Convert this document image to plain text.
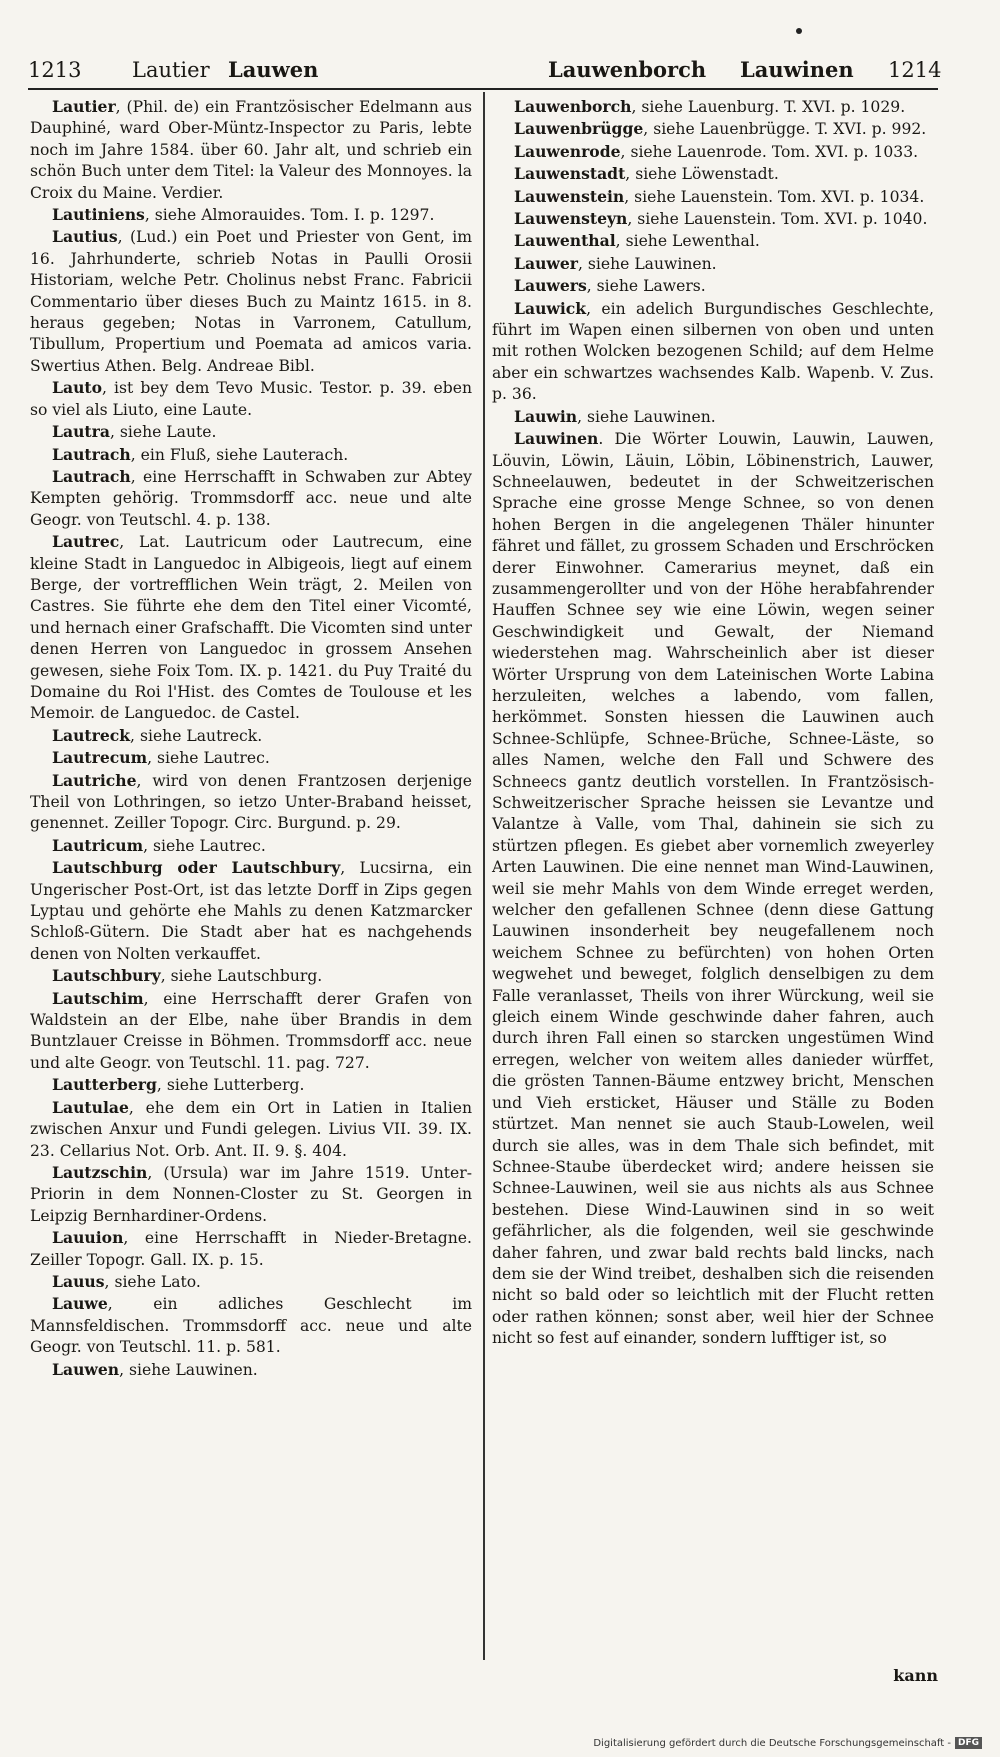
1213 Lautier Lauwen	Lauwenborch Lauwinen 1214

Lautier, (Phil. de) ein Frantzösischer Edelmann aus Dauphiné, ward Ober-Müntz-Inspector zu Paris, lebte noch im Jahre 1584. über 60. Jahr alt, und schrieb ein schön Buch unter dem Titel: la Valeur des Monnoyes. la Croix du Maine. Verdier.

Lautiniens, siehe Almorauides. Tom. I. p. 1297.

Lautius, (Lud.) ein Poet und Priester von Gent, im 16. Jahrhunderte, schrieb Notas in Paulli Orosii Historiam, welche Petr. Cholinus nebst Franc. Fabricii Commentario über dieses Buch zu Maintz 1615. in 8. heraus gegeben; Notas in Varronem, Catullum, Tibullum, Propertium und Poemata ad amicos varia. Swertius Athen. Belg. Andreae Bibl.

Lauto, ist bey dem Tevo Music. Testor. p. 39. eben so viel als Liuto, eine Laute.

Lautra, siehe Laute.

Lautrach, ein Fluß, siehe Lauterach.

Lautrach, eine Herrschafft in Schwaben zur Abtey Kempten gehörig. Trommsdorff acc. neue und alte Geogr. von Teutschl. 4. p. 138.

Lautrec, Lat. Lautricum oder Lautrecum, eine kleine Stadt in Languedoc in Albigeois, liegt auf einem Berge, der vortrefflichen Wein trägt, 2. Meilen von Castres. Sie führte ehe dem den Titel einer Vicomté, und hernach einer Grafschafft. Die Vicomten sind unter denen Herren von Languedoc in grossem Ansehen gewesen, siehe Foix Tom. IX. p. 1421. du Puy Traité du Domaine du Roi l'Hist. des Comtes de Toulouse et les Memoir. de Languedoc. de Castel.

Lautreck, siehe Lautreck.

Lautrecum, siehe Lautrec.

Lautriche, wird von denen Frantzosen derjenige Theil von Lothringen, so ietzo Unter-Braband heisset, genennet. Zeiller Topogr. Circ. Burgund. p. 29.

Lautricum, siehe Lautrec.

Lautschburg oder Lautschbury, Lucsirna, ein Ungerischer Post-Ort, ist das letzte Dorff in Zips gegen Lyptau und gehörte ehe Mahls zu denen Katzmarcker Schloß-Gütern. Die Stadt aber hat es nachgehends denen von Nolten verkauffet.

Lautschbury, siehe Lautschburg.

Lautschim, eine Herrschafft derer Grafen von Waldstein an der Elbe, nahe über Brandis in dem Buntzlauer Creisse in Böhmen. Trommsdorff acc. neue und alte Geogr. von Teutschl. 11. pag. 727.

Lautterberg, siehe Lutterberg.

Lautulae, ehe dem ein Ort in Latien in Italien zwischen Anxur und Fundi gelegen. Livius VII. 39. IX. 23. Cellarius Not. Orb. Ant. II. 9. §. 404.

Lautzschin, (Ursula) war im Jahre 1519. Unter-Priorin in dem Nonnen-Closter zu St. Georgen in Leipzig Bernhardiner-Ordens.

Lauuion, eine Herrschafft in Nieder-Bretagne. Zeiller Topogr. Gall. IX. p. 15.

Lauus, siehe Lato.

Lauwe, ein adliches Geschlecht im Mannsfeldischen. Trommsdorff acc. neue und alte Geogr. von Teutschl. 11. p. 581.

Lauwen, siehe Lauwinen.

Lauwenborch, siehe Lauenburg. T. XVI. p. 1029.

Lauwenbrügge, siehe Lauenbrügge. T. XVI. p. 992.

Lauwenrode, siehe Lauenrode. Tom. XVI. p. 1033.

Lauwenstadt, siehe Löwenstadt.

Lauwenstein, siehe Lauenstein. Tom. XVI. p. 1034.

Lauwensteyn, siehe Lauenstein. Tom. XVI. p. 1040.

Lauwenthal, siehe Lewenthal.

Lauwer, siehe Lauwinen.

Lauwers, siehe Lawers.

Lauwick, ein adelich Burgundisches Geschlechte, führt im Wapen einen silbernen von oben und unten mit rothen Wolcken bezogenen Schild; auf dem Helme aber ein schwartzes wachsendes Kalb. Wapenb. V. Zus. p. 36.

Lauwin, siehe Lauwinen.

Lauwinen. Die Wörter Louwin, Lauwin, Lauwen, Löuvin, Löwin, Läuin, Löbin, Löbinenstrich, Lauwer, Schneelauwen, bedeutet in der Schweitzerischen Sprache eine grosse Menge Schnee, so von denen hohen Bergen in die angelegenen Thäler hinunter fähret und fället, zu grossem Schaden und Erschröcken derer Einwohner. Camerarius meynet, daß ein zusammengerollter und von der Höhe herabfahrender Hauffen Schnee sey wie eine Löwin, wegen seiner Geschwindigkeit und Gewalt, der Niemand wiederstehen mag. Wahrscheinlich aber ist dieser Wörter Ursprung von dem Lateinischen Worte Labina herzuleiten, welches a labendo, vom fallen, herkömmet. Sonsten hiessen die Lauwinen auch Schnee-Schlüpfe, Schnee-Brüche, Schnee-Läste, so alles Namen, welche den Fall und Schwere des Schneecs gantz deutlich vorstellen. In Frantzösisch-Schweitzerischer Sprache heissen sie Levantze und Valantze à Valle, vom Thal, dahinein sie sich zu stürtzen pflegen. Es giebet aber vornemlich zweyerley Arten Lauwinen. Die eine nennet man Wind-Lauwinen, weil sie mehr Mahls von dem Winde erreget werden, welcher den gefallenen Schnee (denn diese Gattung Lauwinen insonderheit bey neugefallenem noch weichem Schnee zu befürchten) von hohen Orten wegwehet und beweget, folglich denselbigen zu dem Falle veranlasset, Theils von ihrer Würckung, weil sie gleich einem Winde geschwinde daher fahren, auch durch ihren Fall einen so starcken ungestümen Wind erregen, welcher von weitem alles danieder würffet, die grösten Tannen-Bäume entzwey bricht, Menschen und Vieh ersticket, Häuser und Ställe zu Boden stürtzet. Man nennet sie auch Staub-Lowelen, weil durch sie alles, was in dem Thale sich befindet, mit Schnee-Staube überdecket wird; andere heissen sie Schnee-Lauwinen, weil sie aus nichts als aus Schnee bestehen. Diese Wind-Lauwinen sind in so weit gefährlicher, als die folgenden, weil sie geschwinde daher fahren, und zwar bald rechts bald lincks, nach dem sie der Wind treibet, deshalben sich die reisenden nicht so bald oder so leichtlich mit der Flucht retten oder rathen können; sonst aber, weil hier der Schnee nicht so fest auf einander, sondern lufftiger ist, so

kann
Digitalisierung gefördert durch die Deutsche Forschungsgemeinschaft - DFG
